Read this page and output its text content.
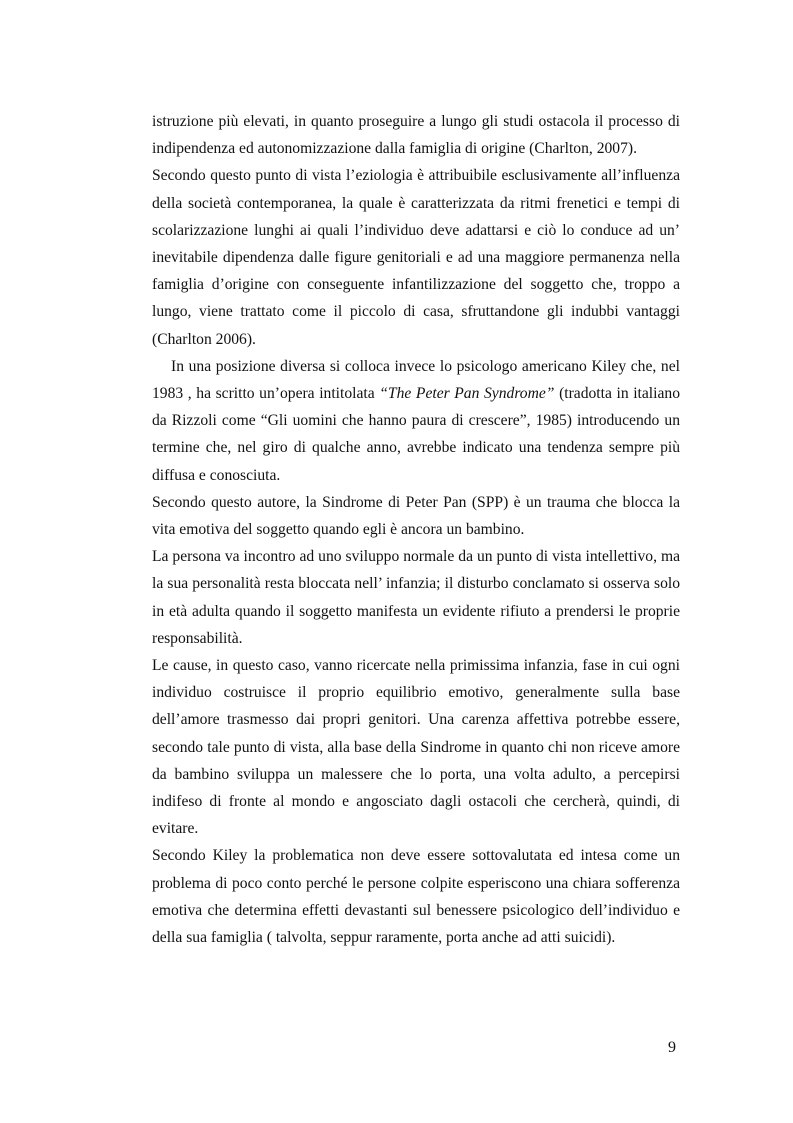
istruzione più elevati, in quanto proseguire a lungo gli studi ostacola il processo di indipendenza ed autonomizzazione dalla famiglia di origine (Charlton, 2007).

Secondo questo punto di vista l’eziologia è attribuibile esclusivamente all’influenza della società contemporanea, la quale è caratterizzata da ritmi frenetici e tempi di scolarizzazione lunghi ai quali l’individuo deve adattarsi e ciò lo conduce ad un’ inevitabile dipendenza dalle figure genitoriali e ad una maggiore permanenza nella famiglia d’origine con conseguente infantilizzazione del soggetto che, troppo a lungo, viene trattato come il piccolo di casa, sfruttandone gli indubbi vantaggi (Charlton 2006).

In una posizione diversa si colloca invece lo psicologo americano Kiley che, nel 1983 , ha scritto un’opera intitolata “The Peter Pan Syndrome” (tradotta in italiano da Rizzoli come “Gli uomini che hanno paura di crescere”, 1985) introducendo un termine che, nel giro di qualche anno, avrebbe indicato una tendenza sempre più diffusa e conosciuta.

Secondo questo autore, la Sindrome di Peter Pan (SPP) è un trauma che blocca la vita emotiva del soggetto quando egli è ancora un bambino.

La persona va incontro ad uno sviluppo normale da un punto di vista intellettivo, ma la sua personalità resta bloccata nell’ infanzia; il disturbo conclamato si osserva solo in età adulta quando il soggetto manifesta un evidente rifiuto a prendersi le proprie responsabilità.

Le cause, in questo caso, vanno ricercate nella primissima infanzia, fase in cui ogni individuo costruisce il proprio equilibrio emotivo, generalmente sulla base dell’amore trasmesso dai propri genitori. Una carenza affettiva potrebbe essere, secondo tale punto di vista, alla base della Sindrome in quanto chi non riceve amore da bambino sviluppa un malessere che lo porta, una volta adulto, a percepirsi indifeso di fronte al mondo e angosciato dagli ostacoli che cercherà, quindi, di evitare.

Secondo Kiley la problematica non deve essere sottovalutata ed intesa come un problema di poco conto perché le persone colpite esperiscono una chiara sofferenza emotiva che determina effetti devastanti sul benessere psicologico dell’individuo e della sua famiglia ( talvolta, seppur raramente, porta anche ad atti suicidi).

9
